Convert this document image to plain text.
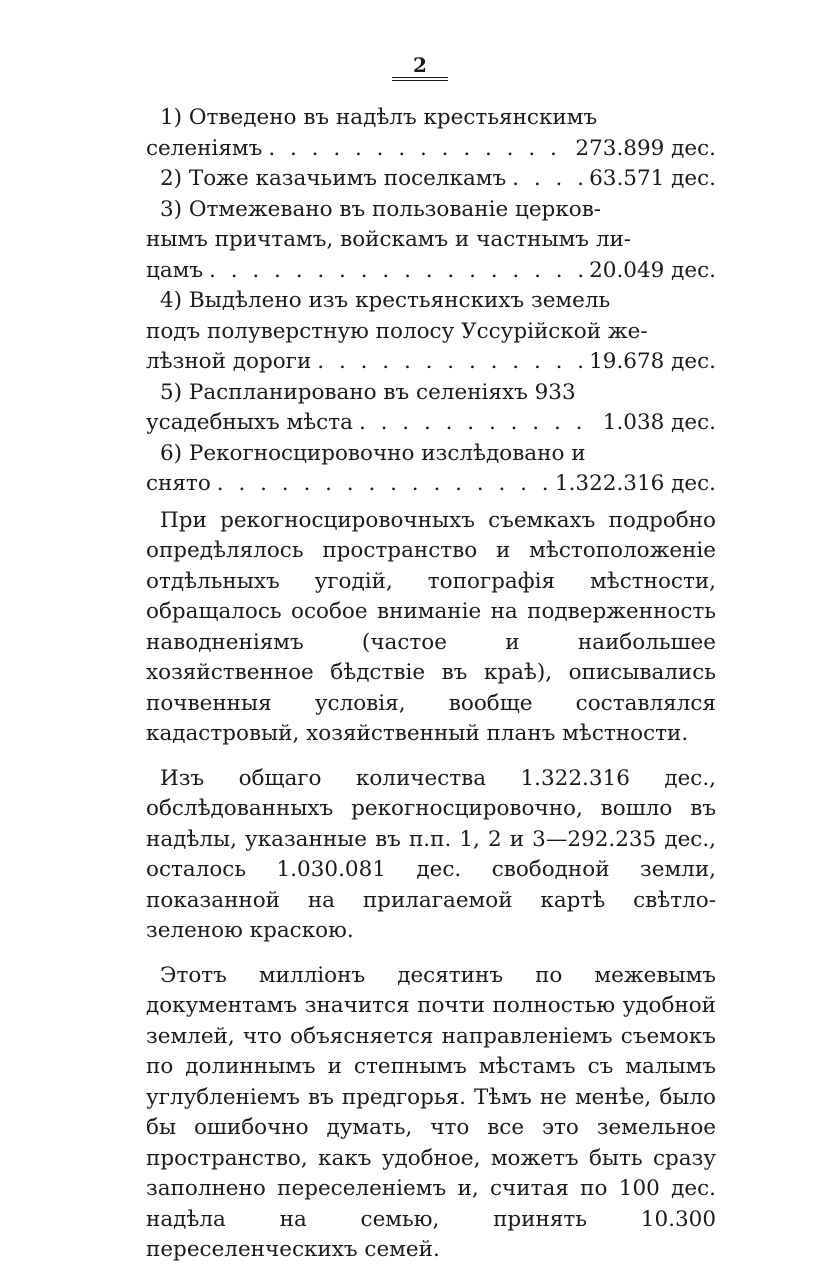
2
1) Отведено въ надѣлъ крестьянскимъ
селеніямъ . . .	273.899 дес.
2) Тоже казачьимъ поселкамъ . . .	63.571 дес.
3) Отмежевано въ пользованіе церков-
нымъ причтамъ, войскамъ и частнымъ ли-
цамъ . . .	20.049 дес.
4) Выдѣлено изъ крестьянскихъ земель
подъ полуверстную полосу Уссурійской же-
лѣзной дороги . . .	19.678 дес.
5) Распланировано въ селеніяхъ 933
усадебныхъ мѣста . . .	1.038 дес.
6) Рекогносцировочно изслѣдовано и
снято . . .	1.322.316 дес.

При рекогносцировочныхъ съемкахъ подробно опредѣлялось пространство и мѣстоположеніе отдѣльныхъ угодій, топографія мѣстности, обращалось особое вниманіе на подверженность наводненіямъ (частое и наибольшее хозяйственное бѣдствіе въ краѣ), описывались почвенныя условія, вообще составлялся кадастровый, хозяйственный планъ мѣстности.

Изъ общаго количества 1.322.316 дес., обслѣдованныхъ рекогносцировочно, вошло въ надѣлы, указанные въ п.п. 1, 2 и 3—292.235 дес., осталось 1.030.081 дес. свободной земли, показанной на прилагаемой картѣ свѣтло-зеленою краскою.

Этотъ милліонъ десятинъ по межевымъ документамъ значится почти полностью удобной землей, что объясняется направленіемъ съемокъ по долиннымъ и степнымъ мѣстамъ съ малымъ углубленіемъ въ предгорья. Тѣмъ не менѣе, было бы ошибочно думать, что все это земельное пространство, какъ удобное, можетъ быть сразу заполнено переселеніемъ и, считая по 100 дес. надѣла на семью, принять 10.300 переселенческихъ семей.
